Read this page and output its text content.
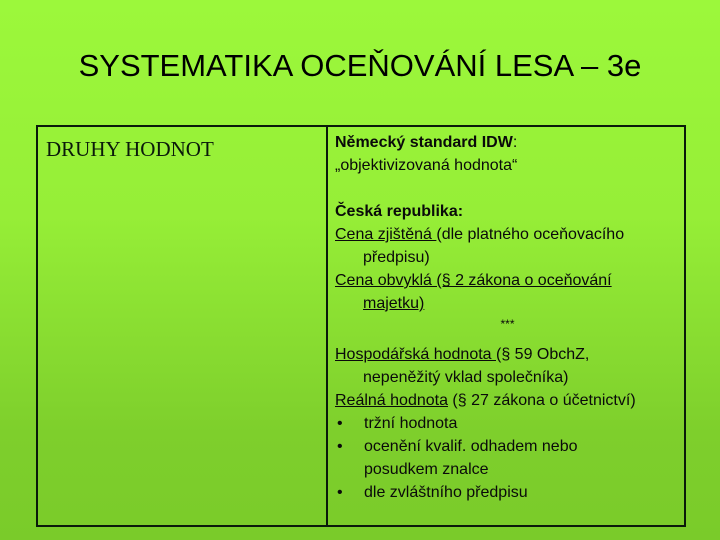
SYSTEMATIKA OCEŇOVÁNÍ LESA – 3e
DRUHY HODNOT	Německý standard IDW:

„objektivizovaná hodnota“

Česká republika:

Cena zjištěná (dle platného oceňovacího

předpisu)

Cena obvyklá (§ 2 zákona o oceňování

majetku)

***

Hospodářská hodnota (§ 59 ObchZ,

nepeněžitý vklad společníka)

Reálná hodnota (§ 27 zákona o účetnictví)

•	tržní hodnota
•	ocenění kvalif. odhadem nebo
posudkem znalce
•	dle zvláštního předpisu
